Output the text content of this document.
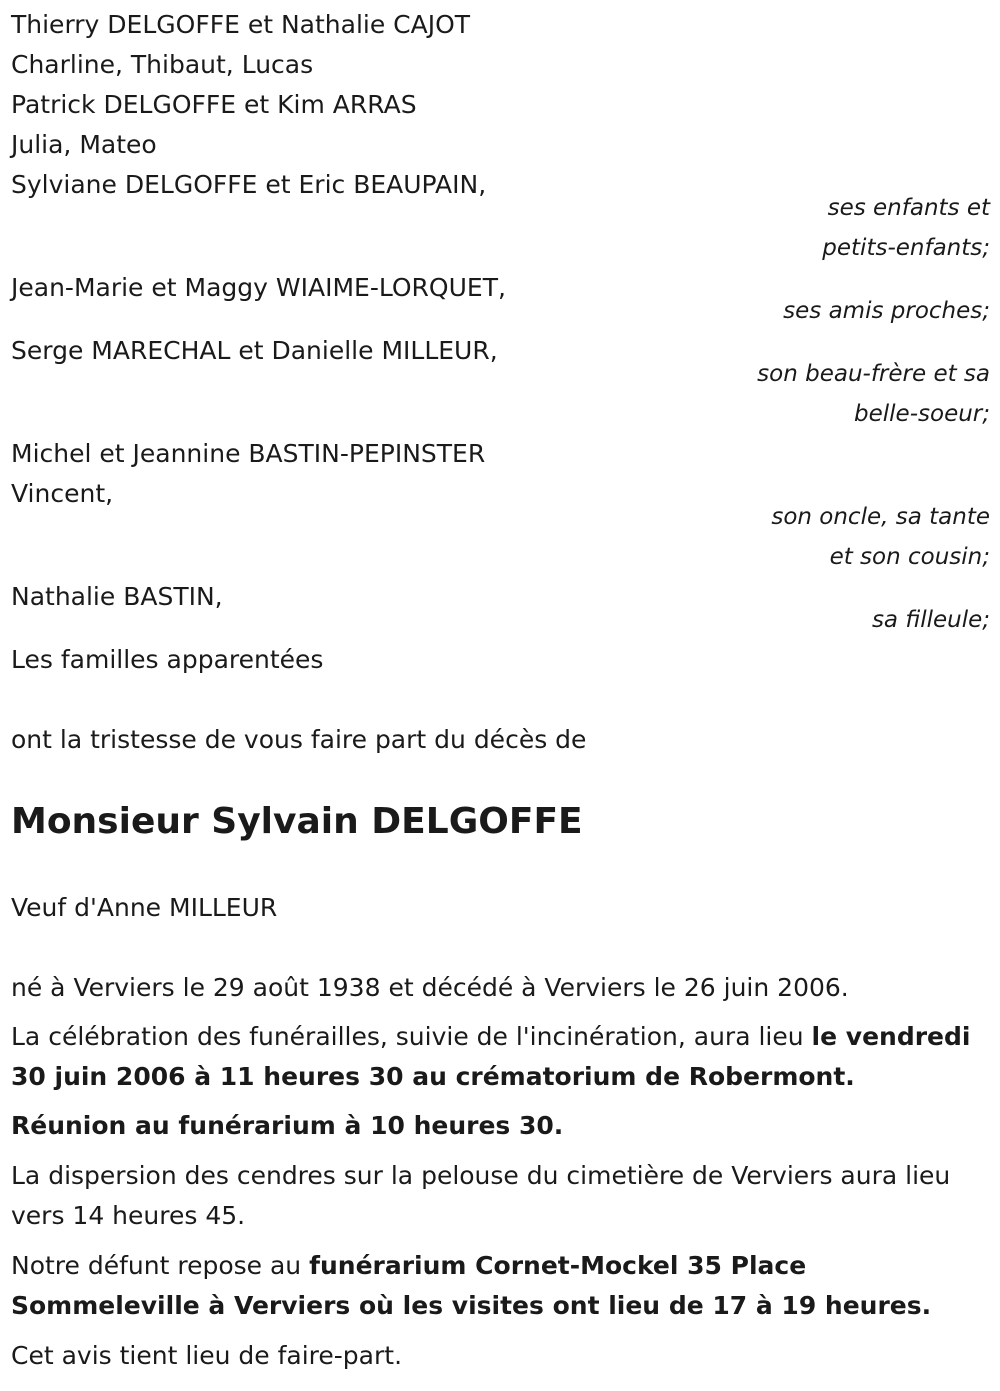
Thierry DELGOFFE et Nathalie CAJOT

Charline, Thibaut, Lucas

Patrick DELGOFFE et Kim ARRAS

Julia, Mateo

Sylviane DELGOFFE et Eric BEAUPAIN,

ses enfants et

petits-enfants;

Jean-Marie et Maggy WIAIME-LORQUET,

ses amis proches;

Serge MARECHAL et Danielle MILLEUR,

son beau-frère et sa

belle-soeur;

Michel et Jeannine BASTIN-PEPINSTER

Vincent,

son oncle, sa tante

et son cousin;

Nathalie BASTIN,

sa filleule;

Les familles apparentées

ont la tristesse de vous faire part du décès de

Monsieur Sylvain DELGOFFE

Veuf d'Anne MILLEUR

né à Verviers le 29 août 1938 et décédé à Verviers le 26 juin 2006.

La célébration des funérailles, suivie de l'incinération, aura lieu le vendredi 30 juin 2006 à 11 heures 30 au crématorium de Robermont.

Réunion au funérarium à 10 heures 30.

La dispersion des cendres sur la pelouse du cimetière de Verviers aura lieu vers 14 heures 45.

Notre défunt repose au funérarium Cornet-Mockel 35 Place Sommeleville à Verviers où les visites ont lieu de 17 à 19 heures.

Cet avis tient lieu de faire-part.
